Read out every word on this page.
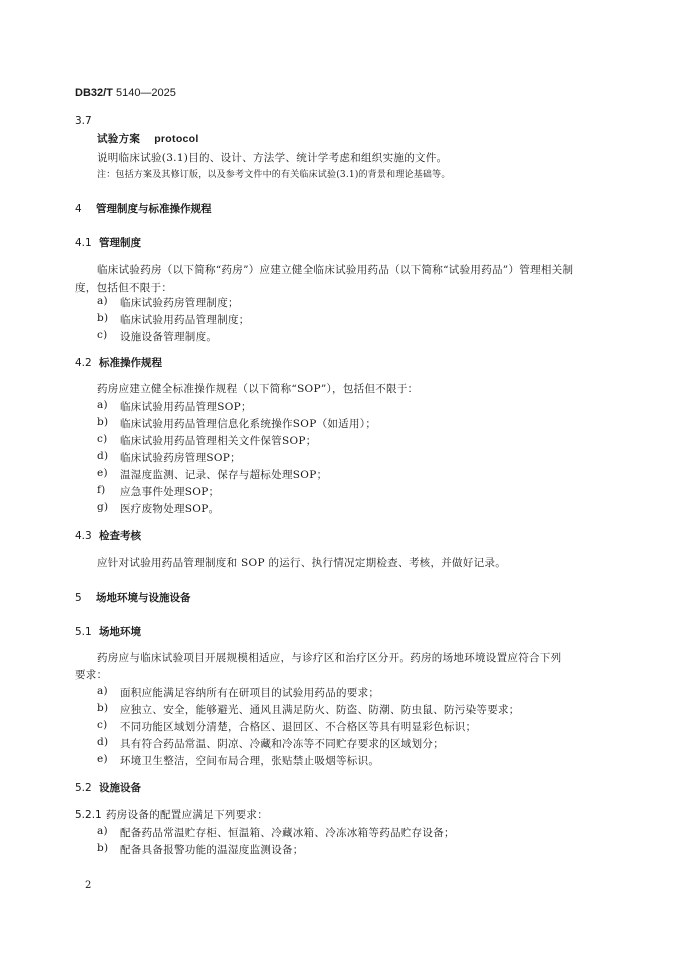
DB32/T 5140—2025
3.7
试验方案 protocol
说明临床试验(3.1)目的、设计、方法学、统计学考虑和组织实施的文件。
注：包括方案及其修订版，以及参考文件中的有关临床试验(3.1)的背景和理论基础等。
4 管理制度与标准操作规程
4.1 管理制度
临床试验药房（以下简称“药房”）应建立健全临床试验用药品（以下简称“试验用药品”）管理相关制
度，包括但不限于：
a) 临床试验药房管理制度；
b) 临床试验用药品管理制度；
c) 设施设备管理制度。
4.2 标准操作规程
药房应建立健全标准操作规程（以下简称“SOP”），包括但不限于：
a) 临床试验用药品管理SOP；
b) 临床试验用药品管理信息化系统操作SOP（如适用）；
c) 临床试验用药品管理相关文件保管SOP；
d) 临床试验药房管理SOP；
e) 温湿度监测、记录、保存与超标处理SOP；
f) 应急事件处理SOP；
g) 医疗废物处理SOP。
4.3 检查考核
应针对试验用药品管理制度和 SOP 的运行、执行情况定期检查、考核，并做好记录。
5 场地环境与设施设备
5.1 场地环境
药房应与临床试验项目开展规模相适应，与诊疗区和治疗区分开。药房的场地环境设置应符合下列
要求：
a) 面积应能满足容纳所有在研项目的试验用药品的要求；
b) 应独立、安全，能够避光、通风且满足防火、防盗、防潮、防虫鼠、防污染等要求；
c) 不同功能区域划分清楚，合格区、退回区、不合格区等具有明显彩色标识；
d) 具有符合药品常温、阴凉、冷藏和冷冻等不同贮存要求的区域划分；
e) 环境卫生整洁，空间布局合理，张贴禁止吸烟等标识。
5.2 设施设备
5.2.1 药房设备的配置应满足下列要求：
a) 配备药品常温贮存柜、恒温箱、冷藏冰箱、冷冻冰箱等药品贮存设备；
b) 配备具备报警功能的温湿度监测设备；
2
